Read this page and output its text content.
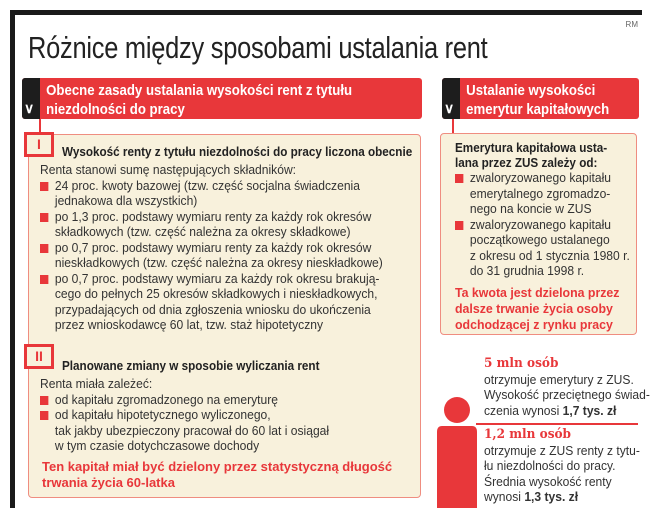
RM
Różnice między sposobami ustalania rent
∨
Obecne zasady ustalania wysokości rent z tytułu
niezdolności do pracy
I	Wysokość renty z tytułu niezdolności do pracy liczona obecnie
Renta stanowi sumę następujących składników:
24 proc. kwoty bazowej (tzw. część socjalna świadczenia
jednakowa dla wszystkich)
po 1,3 proc. podstawy wymiaru renty za każdy rok okresów
składkowych (tzw. część należna za okresy składkowe)
po 0,7 proc. podstawy wymiaru renty za każdy rok okresów
nieskładkowych (tzw. część należna za okresy nieskładkowe)
po 0,7 proc. podstawy wymiaru za każdy rok okresu brakują-
cego do pełnych 25 okresów składkowych i nieskładkowych,
przypadających od dnia zgłoszenia wniosku do ukończenia
przez wnioskodawcę 60 lat, tzw. staż hipotetyczny
II
Planowane zmiany w sposobie wyliczania rent
Renta miała zależeć:
od kapitału zgromadzonego na emeryturę
od kapitału hipotetycznego wyliczonego,
tak jakby ubezpieczony pracował do 60 lat i osiągał
w tym czasie dotychczasowe dochody
Ten kapitał miał być dzielony przez statystyczną długość
trwania życia 60-latka
∨
Ustalanie wysokości
emerytur kapitałowych
Emerytura kapitałowa usta-
lana przez ZUS zależy od:
zwaloryzowanego kapitału
emerytalnego zgromadzo-
nego na koncie w ZUS
zwaloryzowanego kapitału
początkowego ustalanego
z okresu od 1 stycznia 1980 r.
do 31 grudnia 1998 r.
Ta kwota jest dzielona przez
dalsze trwanie życia osoby
odchodzącej z rynku pracy
5 mln osób
otrzymuje emerytury z ZUS.
Wysokość przeciętnego świad-
czenia wynosi 1,7 tys. zł
1,2 mln osób
otrzymuje z ZUS renty z tytu-
łu niezdolności do pracy.
Średnia wysokość renty
wynosi 1,3 tys. zł
